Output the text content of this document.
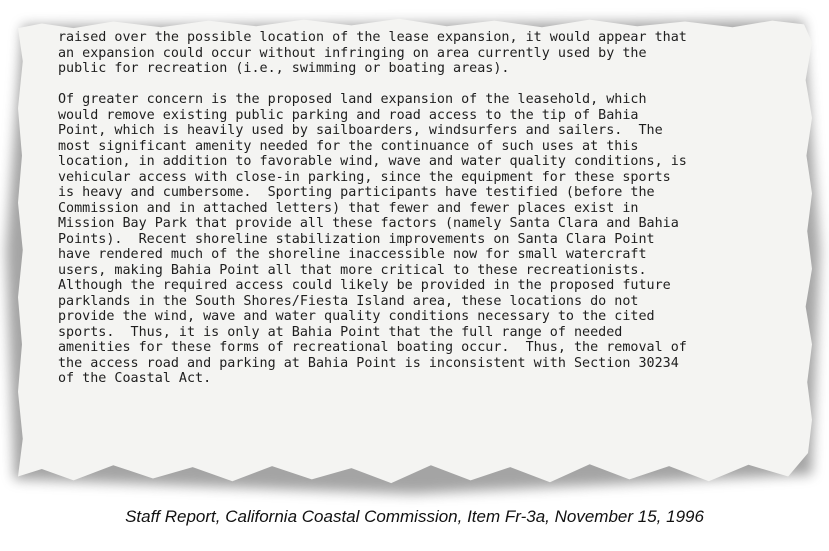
raised over the possible location of the lease expansion, it would appear that

an expansion could occur without infringing on area currently used by the

public for recreation (i.e., swimming or boating areas).

Of greater concern is the proposed land expansion of the leasehold, which

would remove existing public parking and road access to the tip of Bahia

Point, which is heavily used by sailboarders, windsurfers and sailers.  The

most significant amenity needed for the continuance of such uses at this

location, in addition to favorable wind, wave and water quality conditions, is

vehicular access with close-in parking, since the equipment for these sports

is heavy and cumbersome.  Sporting participants have testified (before the

Commission and in attached letters) that fewer and fewer places exist in

Mission Bay Park that provide all these factors (namely Santa Clara and Bahia

Points).  Recent shoreline stabilization improvements on Santa Clara Point

have rendered much of the shoreline inaccessible now for small watercraft

users, making Bahia Point all that more critical to these recreationists.

Although the required access could likely be provided in the proposed future

parklands in the South Shores/Fiesta Island area, these locations do not

provide the wind, wave and water quality conditions necessary to the cited

sports.  Thus, it is only at Bahia Point that the full range of needed

amenities for these forms of recreational boating occur.  Thus, the removal of

the access road and parking at Bahia Point is inconsistent with Section 30234

of the Coastal Act.

Staff Report, California Coastal Commission, Item Fr-3a, November 15, 1996
